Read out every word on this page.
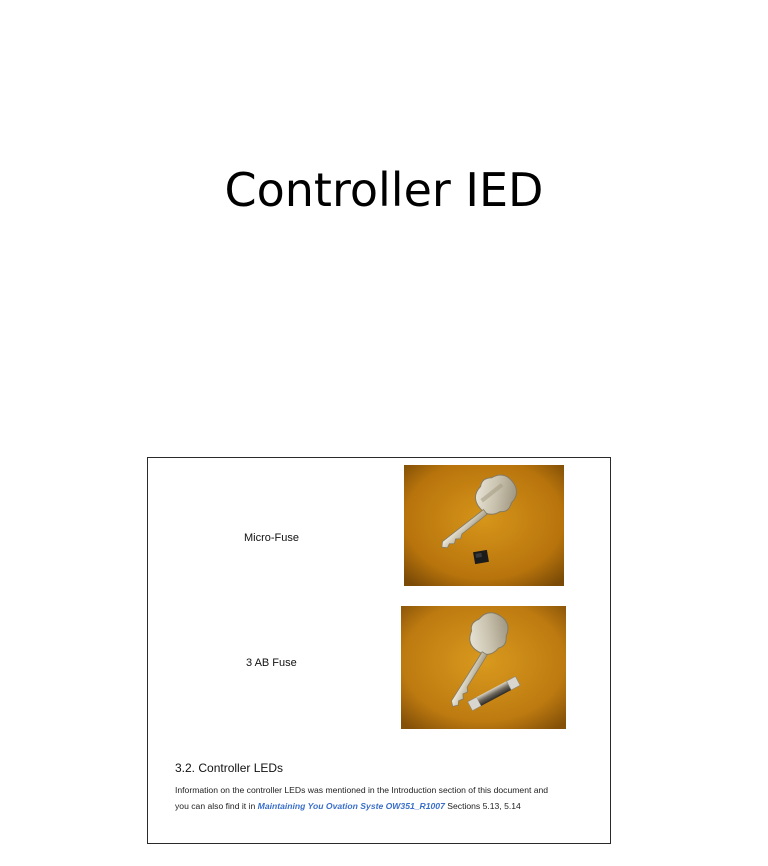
Controller IED
Micro-Fuse
3 AB Fuse
3.2. Controller LEDs
Information on the controller LEDs was mentioned in the Introduction section of this document and
you can also find it in Maintaining You Ovation Syste OW351_R1007 Sections 5.13, 5.14
